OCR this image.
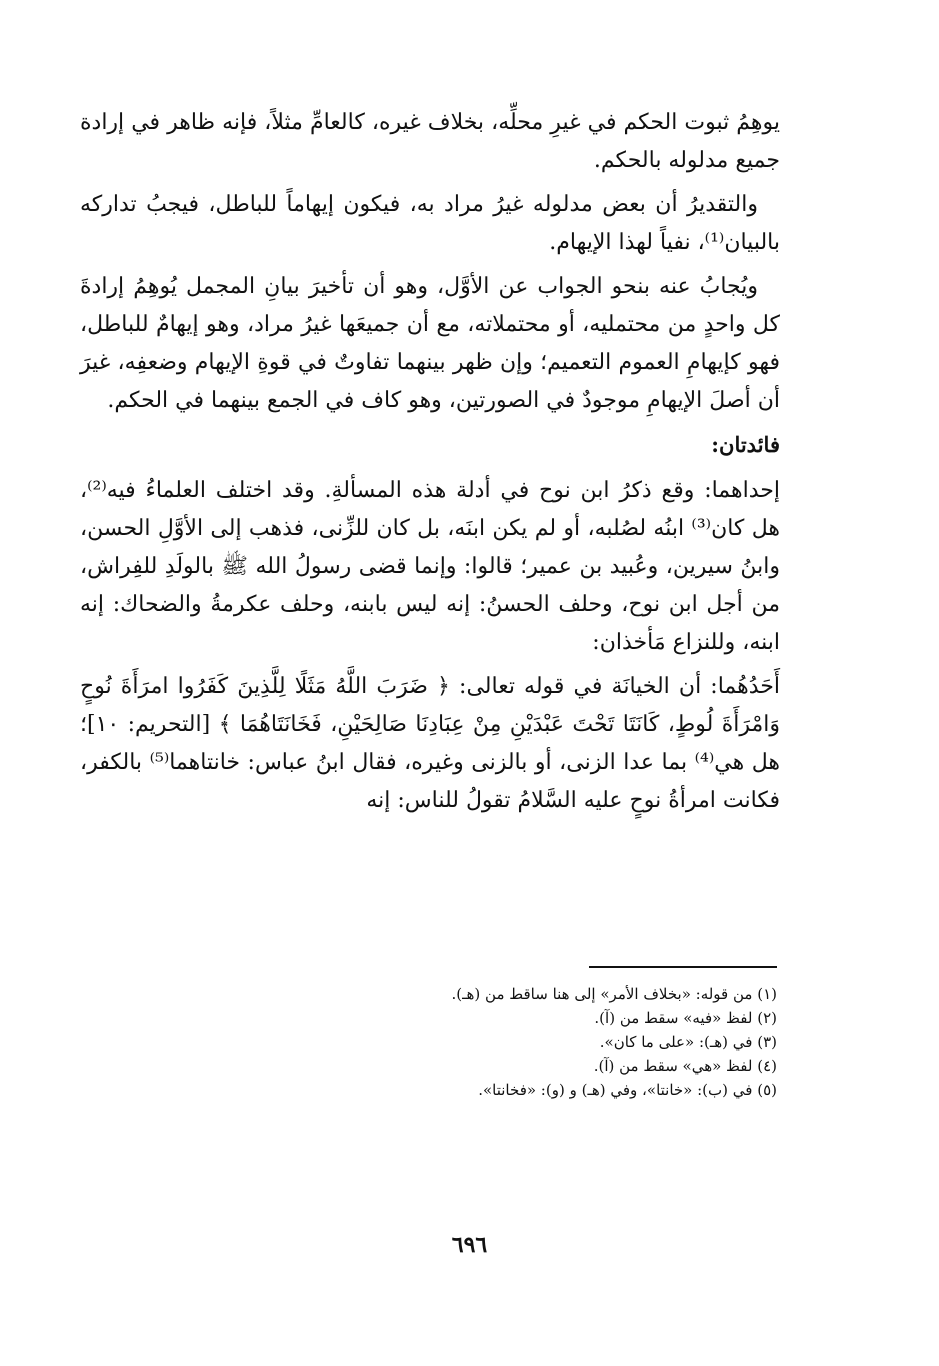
يوهِمُ ثبوت الحكم في غيرِ محلِّه، بخلاف غيره، كالعامِّ مثلاً، فإنه ظاهر في إرادة جميع مدلوله بالحكم.

والتقديرُ أن بعض مدلوله غيرُ مراد به، فيكون إيهاماً للباطل، فيجبُ تداركه بالبيان⁽¹⁾، نفياً لهذا الإيهام.

ويُجابُ عنه بنحو الجواب عن الأوَّل، وهو أن تأخيرَ بيانِ المجمل يُوهِمُ إرادةَ كل واحدٍ من محتمليه، أو محتملاته، مع أن جميعَها غيرُ مراد، وهو إيهامٌ للباطل، فهو كإيهامِ العموم التعميم؛ وإن ظهر بينهما تفاوتٌ في قوةِ الإيهام وضعفِه، غيرَ أن أصلَ الإيهامِ موجودٌ في الصورتين، وهو كاف في الجمع بينهما في الحكم.

فائدتان:

إحداهما: وقع ذكرُ ابن نوح في أدلة هذه المسألةِ. وقد اختلف العلماءُ فيه⁽²⁾، هل كان⁽³⁾ ابنُه لصُلبه، أو لم يكن ابنَه، بل كان للزِّنى، فذهب إلى الأوَّلِ الحسن، وابنُ سيرين، وعُبيد بن عمير؛ قالوا: وإنما قضى رسولُ الله ﷺ بالولَدِ للفِراش، من أجل ابن نوح، وحلف الحسنُ: إنه ليس بابنه، وحلف عكرمةُ والضحاك: إنه ابنه، وللنزاع مَأخذان:

أَحَدُهُما: أن الخيانَة في قوله تعالى: ﴿ ضَرَبَ اللَّهُ مَثَلًا لِلَّذِينَ كَفَرُوا امرَأَةَ نُوحٍ وَامْرَأَةَ لُوطٍ، كَانَتَا تَحْتَ عَبْدَيْنِ مِنْ عِبَادِنَا صَالِحَيْنِ، فَخَانَتَاهُمَا ﴾ [التحريم: ١٠]؛ هل هي⁽⁴⁾ بما عدا الزنى، أو بالزنى وغيره، فقال ابنُ عباس: خانتاهما⁽⁵⁾ بالكفر، فكانت امرأةُ نوحٍ عليه السَّلامُ تقولُ للناس: إنه

(١) من قوله: «بخلاف الأمر» إلى هنا ساقط من (هـ).
(٢) لفظ «فيه» سقط من (آ).
(٣) في (هـ): «على ما كان».
(٤) لفظ «هي» سقط من (آ).
(٥) في (ب): «خانتا»، وفي (هـ) و (و): «فخانتا».
٦٩٦
